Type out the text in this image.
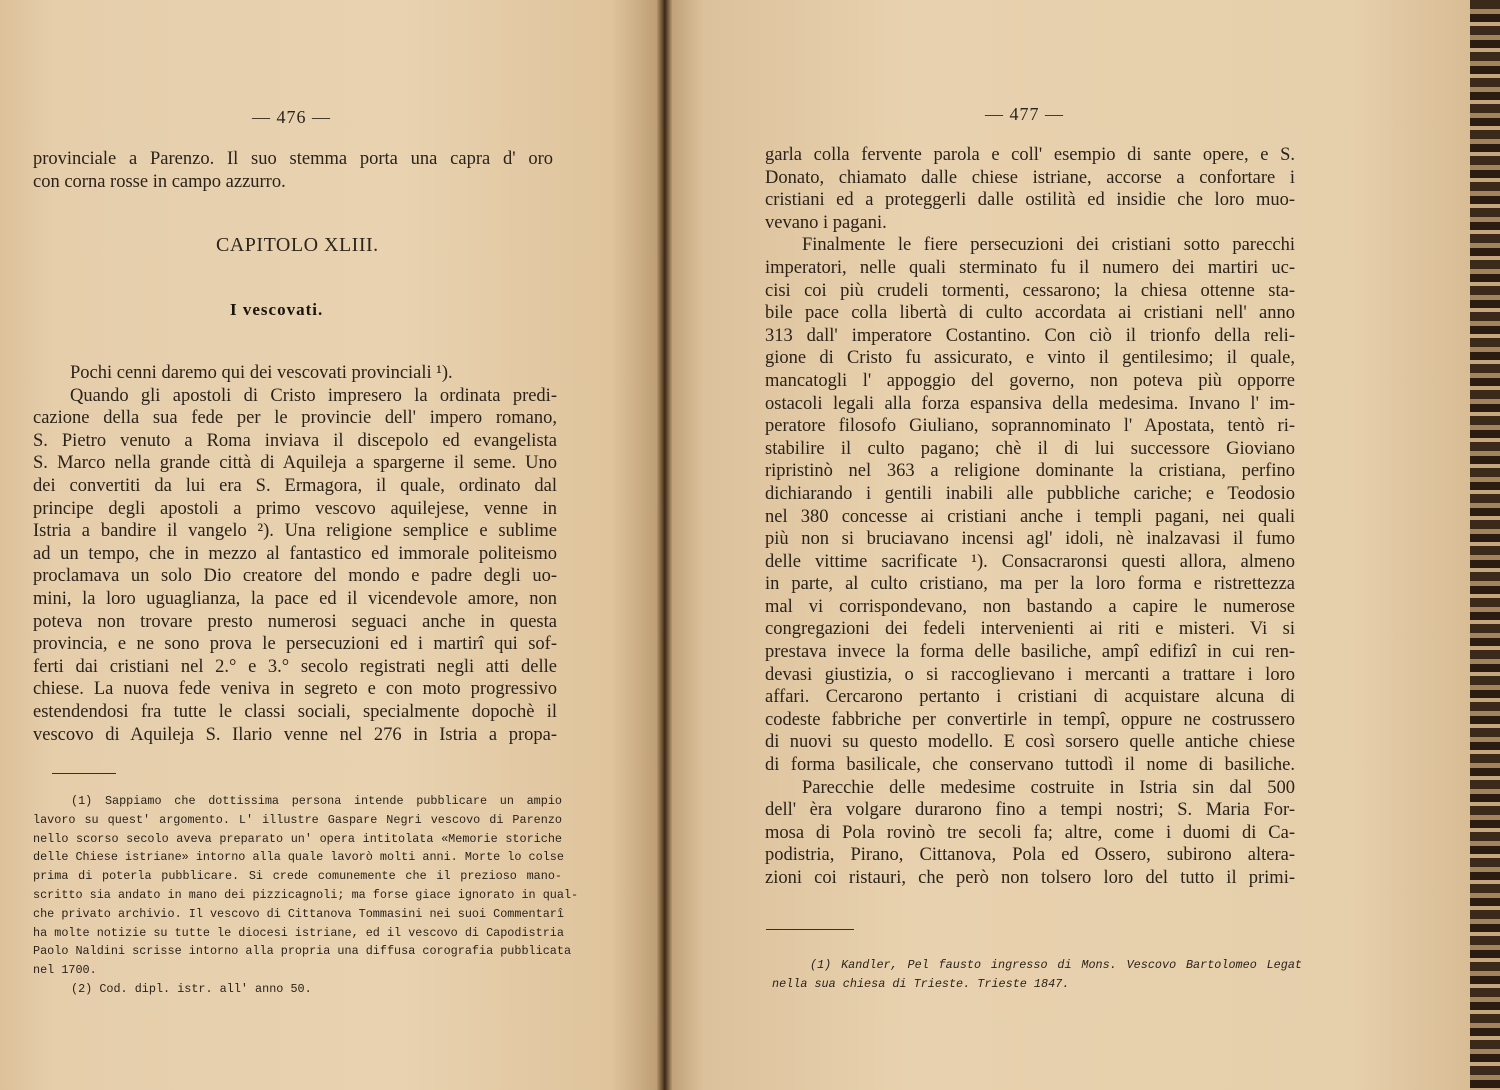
— 476 —
provinciale a Parenzo. Il suo stemma porta una capra d' oro
con corna rosse in campo azzurro.
CAPITOLO XLIII.
I vescovati.
Pochi cenni daremo qui dei vescovati provinciali ¹).
Quando gli apostoli di Cristo impresero la ordinata predi-
cazione della sua fede per le provincie dell' impero romano,
S. Pietro venuto a Roma inviava il discepolo ed evangelista
S. Marco nella grande città di Aquileja a spargerne il seme. Uno
dei convertiti da lui era S. Ermagora, il quale, ordinato dal
principe degli apostoli a primo vescovo aquilejese, venne in
Istria a bandire il vangelo ²). Una religione semplice e sublime
ad un tempo, che in mezzo al fantastico ed immorale politeismo
proclamava un solo Dio creatore del mondo e padre degli uo-
mini, la loro uguaglianza, la pace ed il vicendevole amore, non
poteva non trovare presto numerosi seguaci anche in questa
provincia, e ne sono prova le persecuzioni ed i martirî qui sof-
ferti dai cristiani nel 2.° e 3.° secolo registrati negli atti delle
chiese. La nuova fede veniva in segreto e con moto progressivo
estendendosi fra tutte le classi sociali, specialmente dopochè il
vescovo di Aquileja S. Ilario venne nel 276 in Istria a propa-
(1) Sappiamo che dottissima persona intende pubblicare un ampio
lavoro su quest' argomento. L' illustre Gaspare Negri vescovo di Parenzo
nello scorso secolo aveva preparato un' opera intitolata «Memorie storiche
delle Chiese istriane» intorno alla quale lavorò molti anni. Morte lo colse
prima di poterla pubblicare. Si crede comunemente che il prezioso mano-
scritto sia andato in mano dei pizzicagnoli; ma forse giace ignorato in qual-
che privato archivio. Il vescovo di Cittanova Tommasini nei suoi Commentarî
ha molte notizie su tutte le diocesi istriane, ed il vescovo di Capodistria
Paolo Naldini scrisse intorno alla propria una diffusa corografia pubblicata
nel 1700.
(2) Cod. dipl. istr. all' anno 50.
— 477 —
garla colla fervente parola e coll' esempio di sante opere, e S.
Donato, chiamato dalle chiese istriane, accorse a confortare i
cristiani ed a proteggerli dalle ostilità ed insidie che loro muo-
vevano i pagani.
Finalmente le fiere persecuzioni dei cristiani sotto parecchi
imperatori, nelle quali sterminato fu il numero dei martiri uc-
cisi coi più crudeli tormenti, cessarono; la chiesa ottenne sta-
bile pace colla libertà di culto accordata ai cristiani nell' anno
313 dall' imperatore Costantino. Con ciò il trionfo della reli-
gione di Cristo fu assicurato, e vinto il gentilesimo; il quale,
mancatogli l' appoggio del governo, non poteva più opporre
ostacoli legali alla forza espansiva della medesima. Invano l' im-
peratore filosofo Giuliano, soprannominato l' Apostata, tentò ri-
stabilire il culto pagano; chè il di lui successore Gioviano
ripristinò nel 363 a religione dominante la cristiana, perfino
dichiarando i gentili inabili alle pubbliche cariche; e Teodosio
nel 380 concesse ai cristiani anche i templi pagani, nei quali
più non si bruciavano incensi agl' idoli, nè inalzavasi il fumo
delle vittime sacrificate ¹). Consacraronsi questi allora, almeno
in parte, al culto cristiano, ma per la loro forma e ristrettezza
mal vi corrispondevano, non bastando a capire le numerose
congregazioni dei fedeli intervenienti ai riti e misteri. Vi si
prestava invece la forma delle basiliche, ampî edifizî in cui ren-
devasi giustizia, o si raccoglievano i mercanti a trattare i loro
affari. Cercarono pertanto i cristiani di acquistare alcuna di
codeste fabbriche per convertirle in tempî, oppure ne costrussero
di nuovi su questo modello. E così sorsero quelle antiche chiese
di forma basilicale, che conservano tuttodì il nome di basiliche.
Parecchie delle medesime costruite in Istria sin dal 500
dell' èra volgare durarono fino a tempi nostri; S. Maria For-
mosa di Pola rovinò tre secoli fa; altre, come i duomi di Ca-
podistria, Pirano, Cittanova, Pola ed Ossero, subirono altera-
zioni coi ristauri, che però non tolsero loro del tutto il primi-
(1) Kandler, Pel fausto ingresso di Mons. Vescovo Bartolomeo Legat
nella sua chiesa di Trieste. Trieste 1847.
